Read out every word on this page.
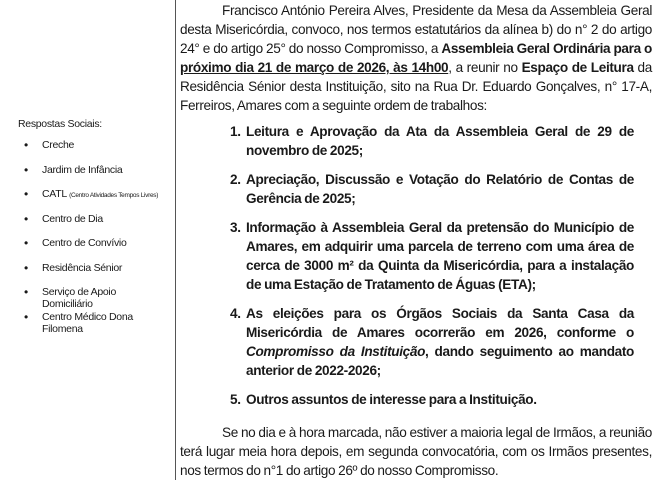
Respostas Sociais:
• Creche
• Jardim de Infância
• CATL (Centro Atividades Tempos Livres)
• Centro de Dia
• Centro de Convívio
• Residência Sénior
• Serviço de Apoio Domiciliário
• Centro Médico Dona Filomena

Francisco António Pereira Alves, Presidente da Mesa da Assembleia Geral desta Misericórdia, convoco, nos termos estatutários da alínea b) do n° 2 do artigo 24° e do artigo 25° do nosso Compromisso, a Assembleia Geral Ordinária para o próximo dia 21 de março de 2026, às 14h00, a reunir no Espaço de Leitura da Residência Sénior desta Instituição, sito na Rua Dr. Eduardo Gonçalves, n° 17-A, Ferreiros, Amares com a seguinte ordem de trabalhos:

1. Leitura e Aprovação da Ata da Assembleia Geral de 29 de novembro de 2025;
2. Apreciação, Discussão e Votação do Relatório de Contas de Gerência de 2025;
3. Informação à Assembleia Geral da pretensão do Município de Amares, em adquirir uma parcela de terreno com uma área de cerca de 3000 m² da Quinta da Misericórdia, para a instalação de uma Estação de Tratamento de Águas (ETA);
4. As eleições para os Órgãos Sociais da Santa Casa da Misericórdia de Amares ocorrerão em 2026, conforme o Compromisso da Instituição, dando seguimento ao mandato anterior de 2022-2026;
5. Outros assuntos de interesse para a Instituição.

Se no dia e à hora marcada, não estiver a maioria legal de Irmãos, a reunião terá lugar meia hora depois, em segunda convocatória, com os Irmãos presentes, nos termos do n°1 do artigo 26º do nosso Compromisso.
